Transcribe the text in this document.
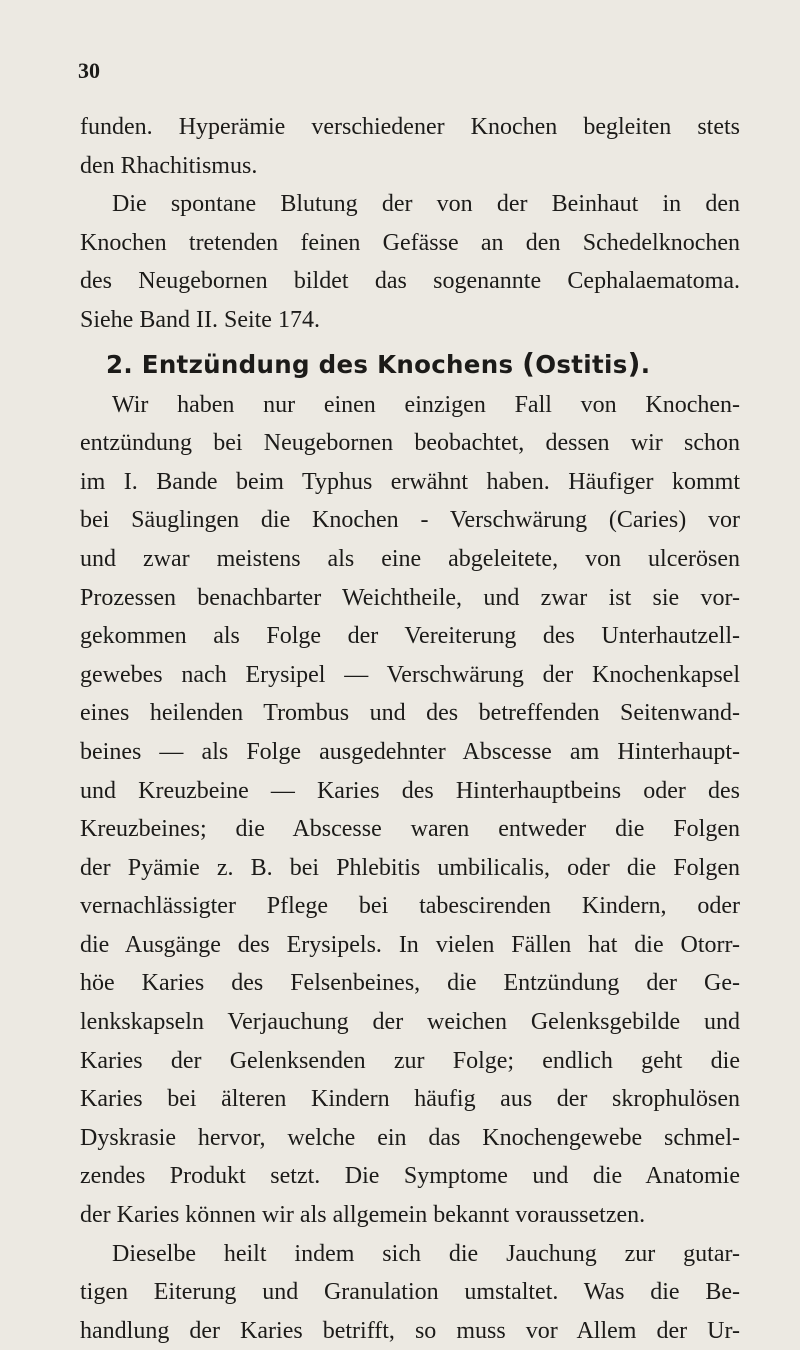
30
funden. Hyperämie verschiedener Knochen begleiten stets
den Rhachitismus.
Die spontane Blutung der von der Beinhaut in den
Knochen tretenden feinen Gefässe an den Schedelknochen
des Neugebornen bildet das sogenannte Cephalaematoma.
Siehe Band II. Seite 174.
2. Entzündung des Knochens (Ostitis).
Wir haben nur einen einzigen Fall von Knochen-
entzündung bei Neugebornen beobachtet, dessen wir schon
im I. Bande beim Typhus erwähnt haben. Häufiger kommt
bei Säuglingen die Knochen - Verschwärung (Caries) vor
und zwar meistens als eine abgeleitete, von ulcerösen
Prozessen benachbarter Weichtheile, und zwar ist sie vor-
gekommen als Folge der Vereiterung des Unterhautzell-
gewebes nach Erysipel — Verschwärung der Knochenkapsel
eines heilenden Trombus und des betreffenden Seitenwand-
beines — als Folge ausgedehnter Abscesse am Hinterhaupt-
und Kreuzbeine — Karies des Hinterhauptbeins oder des
Kreuzbeines; die Abscesse waren entweder die Folgen
der Pyämie z. B. bei Phlebitis umbilicalis, oder die Folgen
vernachlässigter Pflege bei tabescirenden Kindern, oder
die Ausgänge des Erysipels. In vielen Fällen hat die Otorr-
höe Karies des Felsenbeines, die Entzündung der Ge-
lenkskapseln Verjauchung der weichen Gelenksgebilde und
Karies der Gelenksenden zur Folge; endlich geht die
Karies bei älteren Kindern häufig aus der skrophulösen
Dyskrasie hervor, welche ein das Knochengewebe schmel-
zendes Produkt setzt. Die Symptome und die Anatomie
der Karies können wir als allgemein bekannt voraussetzen.
Dieselbe heilt indem sich die Jauchung zur gutar-
tigen Eiterung und Granulation umstaltet. Was die Be-
handlung der Karies betrifft, so muss vor Allem der Ur-
